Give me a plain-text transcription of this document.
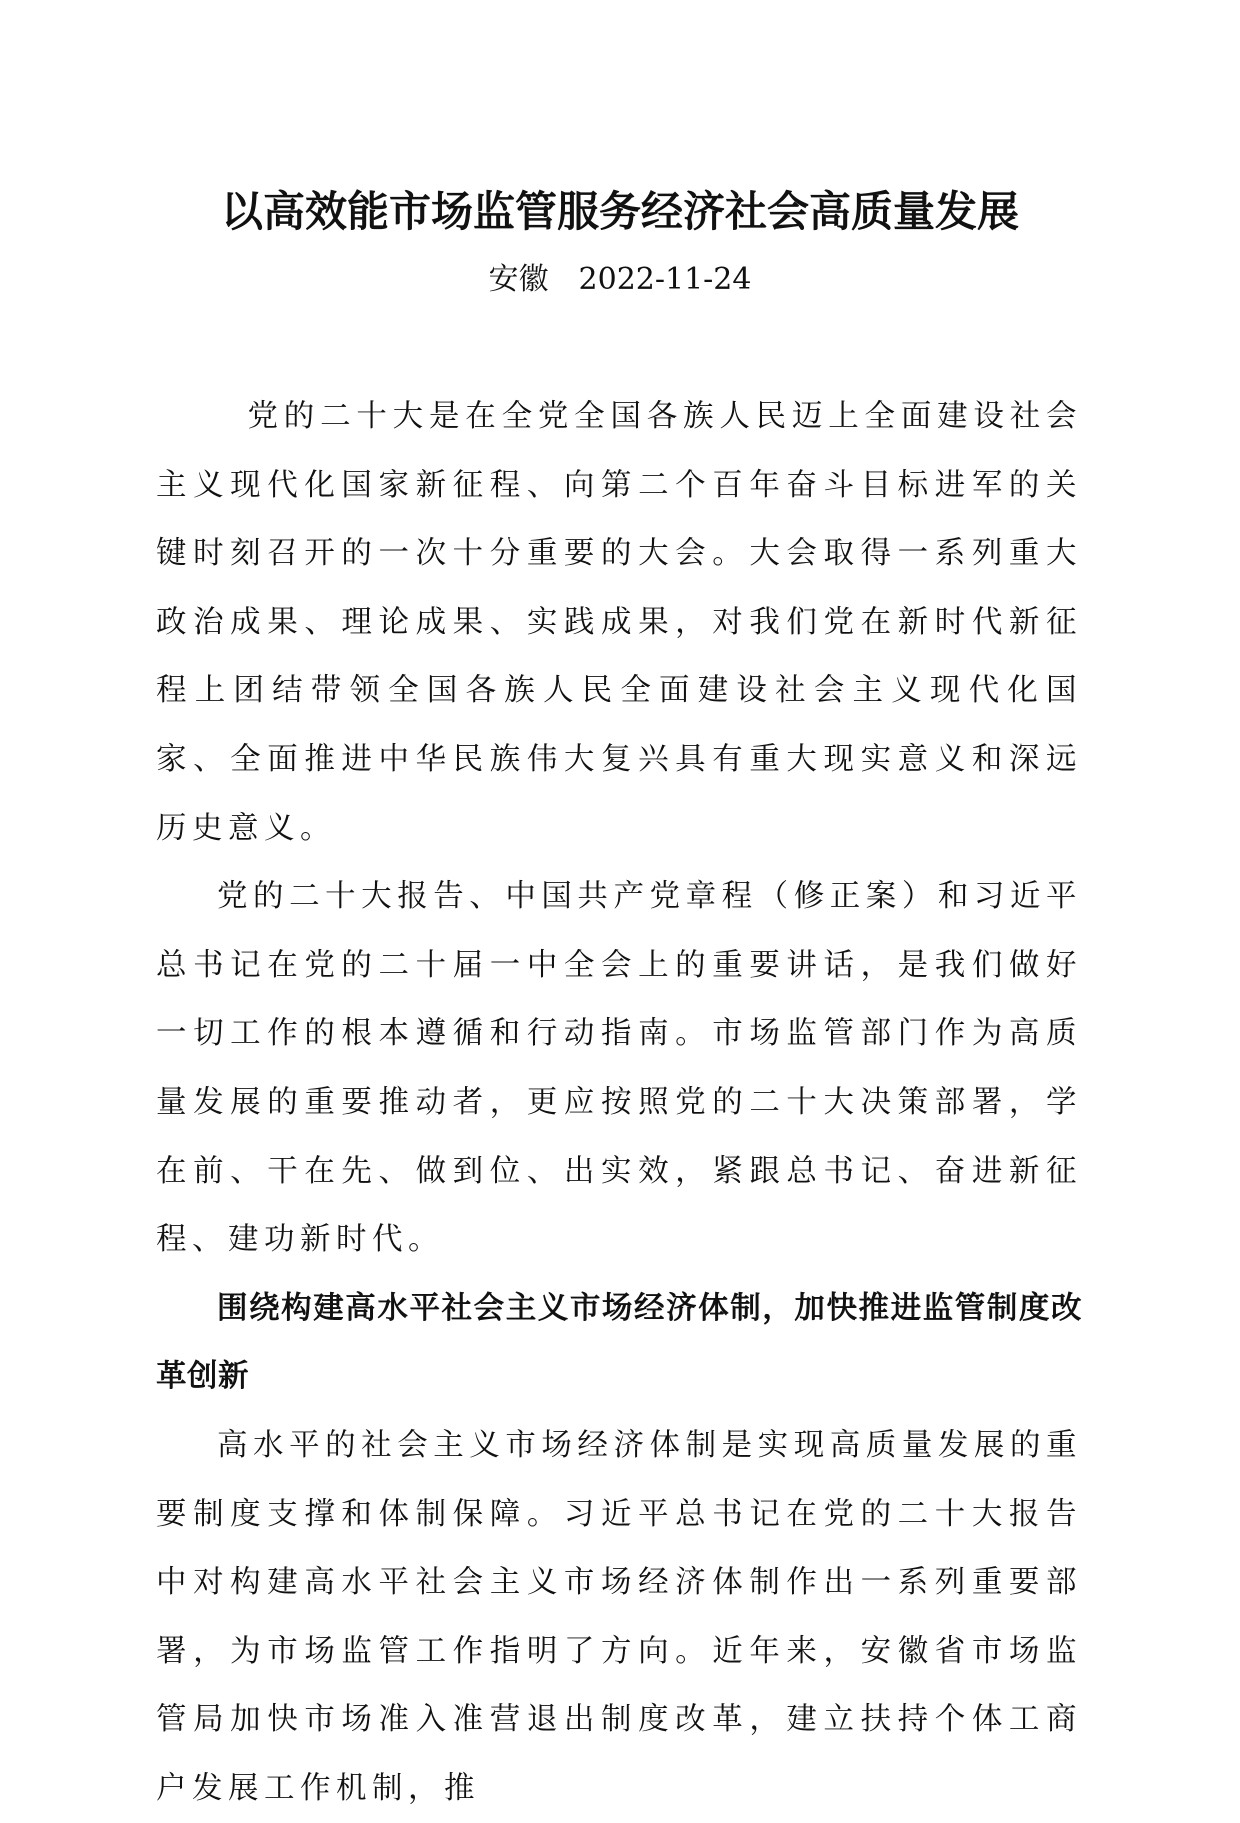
以高效能市场监管服务经济社会高质量发展
安徽 2022-11-24

党的二十大是在全党全国各族人民迈上全面建设社会主义现代化国家新征程、向第二个百年奋斗目标进军的关键时刻召开的一次十分重要的大会。大会取得一系列重大政治成果、理论成果、实践成果，对我们党在新时代新征程上团结带领全国各族人民全面建设社会主义现代化国家、全面推进中华民族伟大复兴具有重大现实意义和深远历史意义。

党的二十大报告、中国共产党章程（修正案）和习近平总书记在党的二十届一中全会上的重要讲话，是我们做好一切工作的根本遵循和行动指南。市场监管部门作为高质量发展的重要推动者，更应按照党的二十大决策部署，学在前、干在先、做到位、出实效，紧跟总书记、奋进新征程、建功新时代。

围绕构建高水平社会主义市场经济体制，加快推进监管制度改革创新

高水平的社会主义市场经济体制是实现高质量发展的重要制度支撑和体制保障。习近平总书记在党的二十大报告中对构建高水平社会主义市场经济体制作出一系列重要部署，为市场监管工作指明了方向。近年来，安徽省市场监管局加快市场准入准营退出制度改革，建立扶持个体工商户发展工作机制，推
